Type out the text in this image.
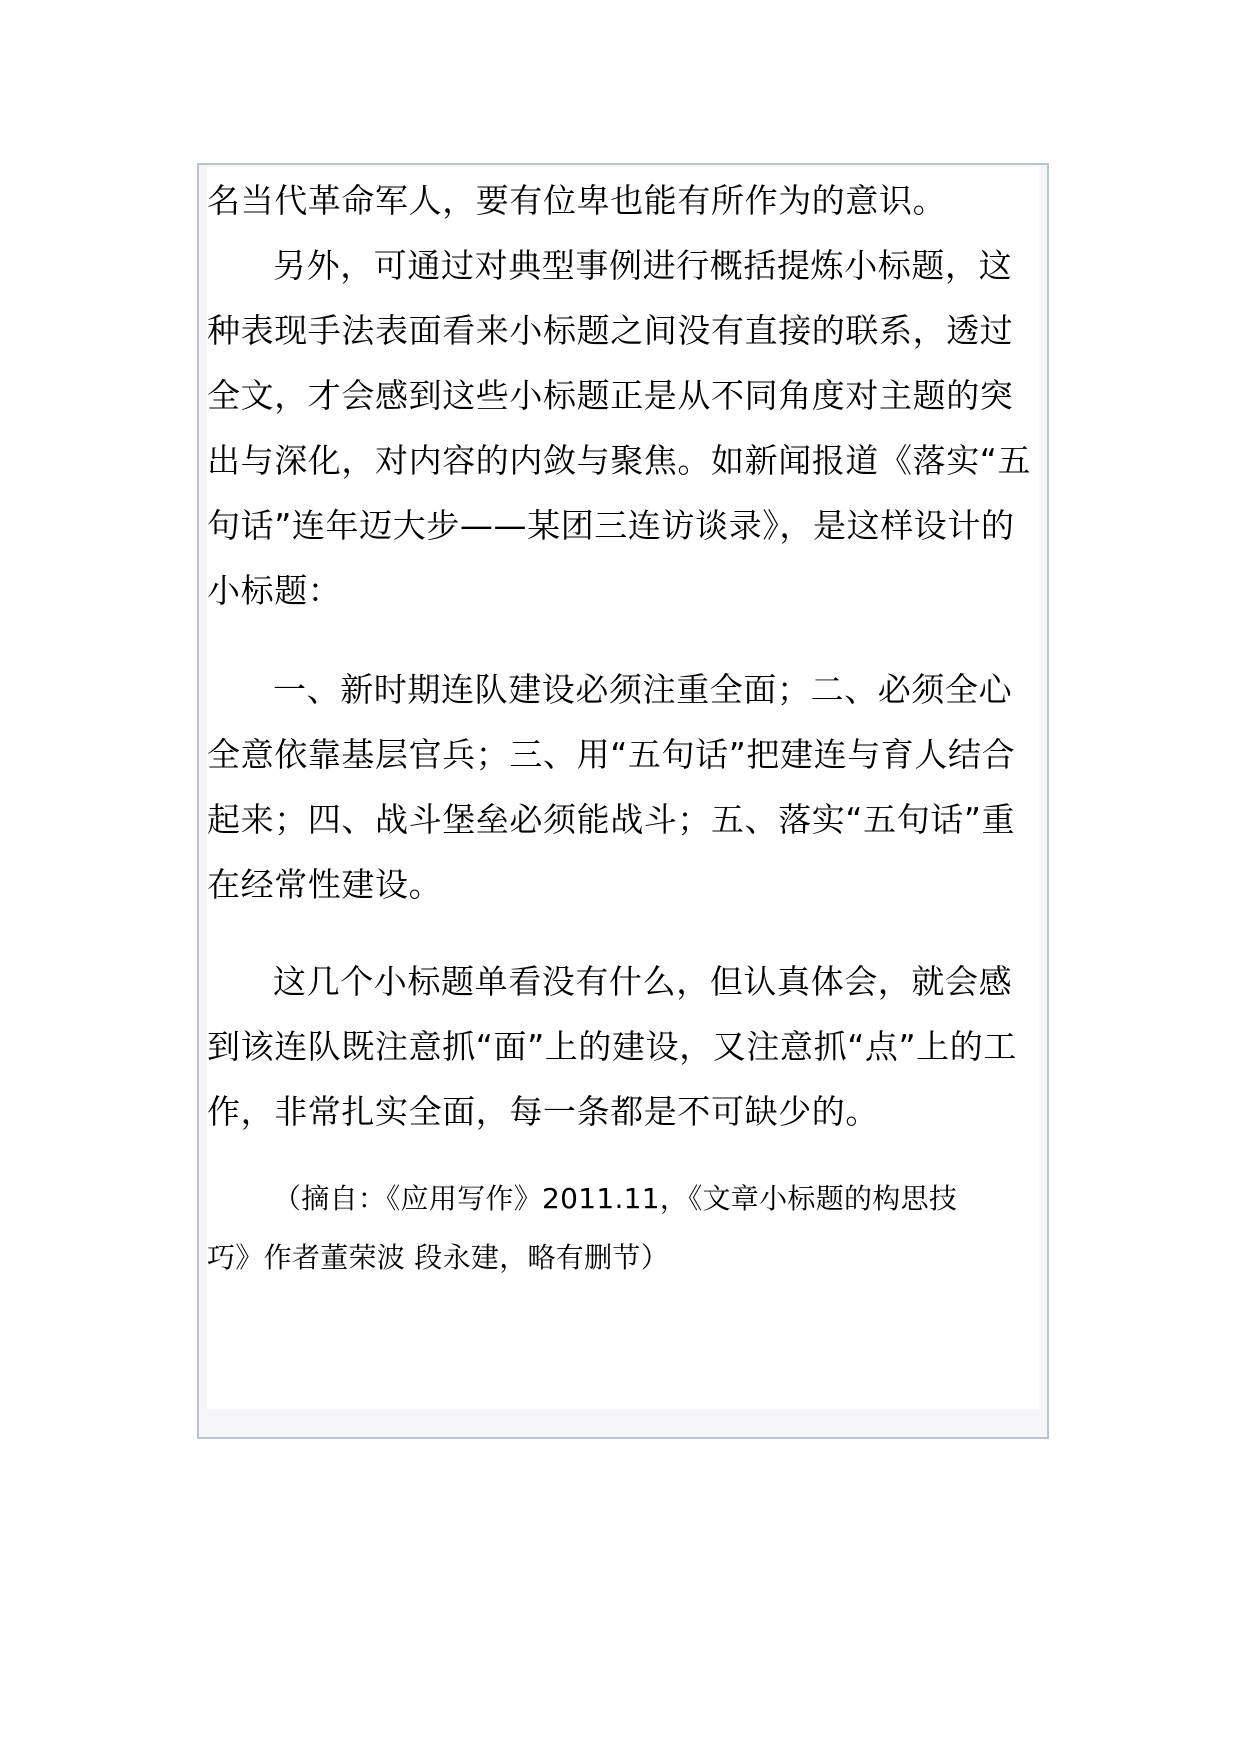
名当代革命军人，要有位卑也能有所作为的意识。
另外，可通过对典型事例进行概括提炼小标题，这
种表现手法表面看来小标题之间没有直接的联系，透过
全文，才会感到这些小标题正是从不同角度对主题的突
出与深化，对内容的内敛与聚焦。如新闻报道《落实“五
句话”连年迈大步——某团三连访谈录》，是这样设计的
小标题：
一、新时期连队建设必须注重全面；二、必须全心
全意依靠基层官兵；三、用“五句话”把建连与育人结合
起来；四、战斗堡垒必须能战斗；五、落实“五句话”重
在经常性建设。
这几个小标题单看没有什么，但认真体会，就会感
到该连队既注意抓“面”上的建设，又注意抓“点”上的工
作，非常扎实全面，每一条都是不可缺少的。
（摘自：《应用写作》2011.11，《文章小标题的构思技
巧》作者董荣波 段永建，略有删节）
